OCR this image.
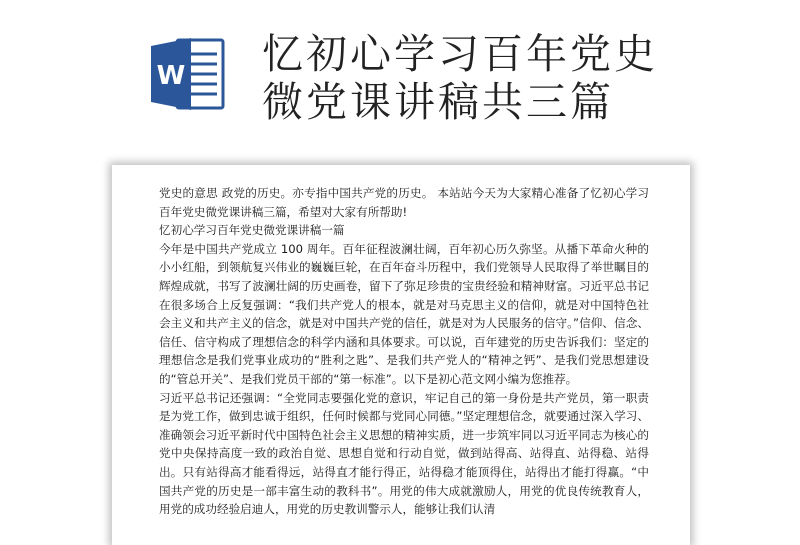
W 忆初心学习百年党史
微党课讲稿共三篇

党史的意思 政党的历史。亦专指中国共产党的历史。 本站站今天为大家精心准备了忆初心学习百年党史微党课讲稿三篇，希望对大家有所帮助!

忆初心学习百年党史微党课讲稿一篇

今年是中国共产党成立 100 周年。百年征程波澜壮阔，百年初心历久弥坚。从播下革命火种的小小红船，到领航复兴伟业的巍巍巨轮，在百年奋斗历程中，我们党领导人民取得了举世瞩目的辉煌成就，书写了波澜壮阔的历史画卷，留下了弥足珍贵的宝贵经验和精神财富。习近平总书记在很多场合上反复强调：“我们共产党人的根本，就是对马克思主义的信仰，就是对中国特色社会主义和共产主义的信念，就是对中国共产党的信任，就是对为人民服务的信守。”信仰、信念、信任、信守构成了理想信念的科学内涵和具体要求。可以说，百年建党的历史告诉我们：坚定的理想信念是我们党事业成功的“胜利之匙”、是我们共产党人的“精神之钙”、是我们党思想建设的“管总开关”、是我们党员干部的“第一标准”。以下是初心范文网小编为您推荐。

习近平总书记还强调：“全党同志要强化党的意识，牢记自己的第一身份是共产党员，第一职责是为党工作，做到忠诚于组织，任何时候都与党同心同德。”坚定理想信念，就要通过深入学习、准确领会习近平新时代中国特色社会主义思想的精神实质，进一步筑牢同以习近平同志为核心的党中央保持高度一致的政治自觉、思想自觉和行动自觉，做到站得高、站得直、站得稳、站得出。只有站得高才能看得远，站得直才能行得正，站得稳才能顶得住，站得出才能打得赢。“中国共产党的历史是一部丰富生动的教科书”。用党的伟大成就激励人，用党的优良传统教育人，用党的成功经验启迪人，用党的历史教训警示人，能够让我们认清
